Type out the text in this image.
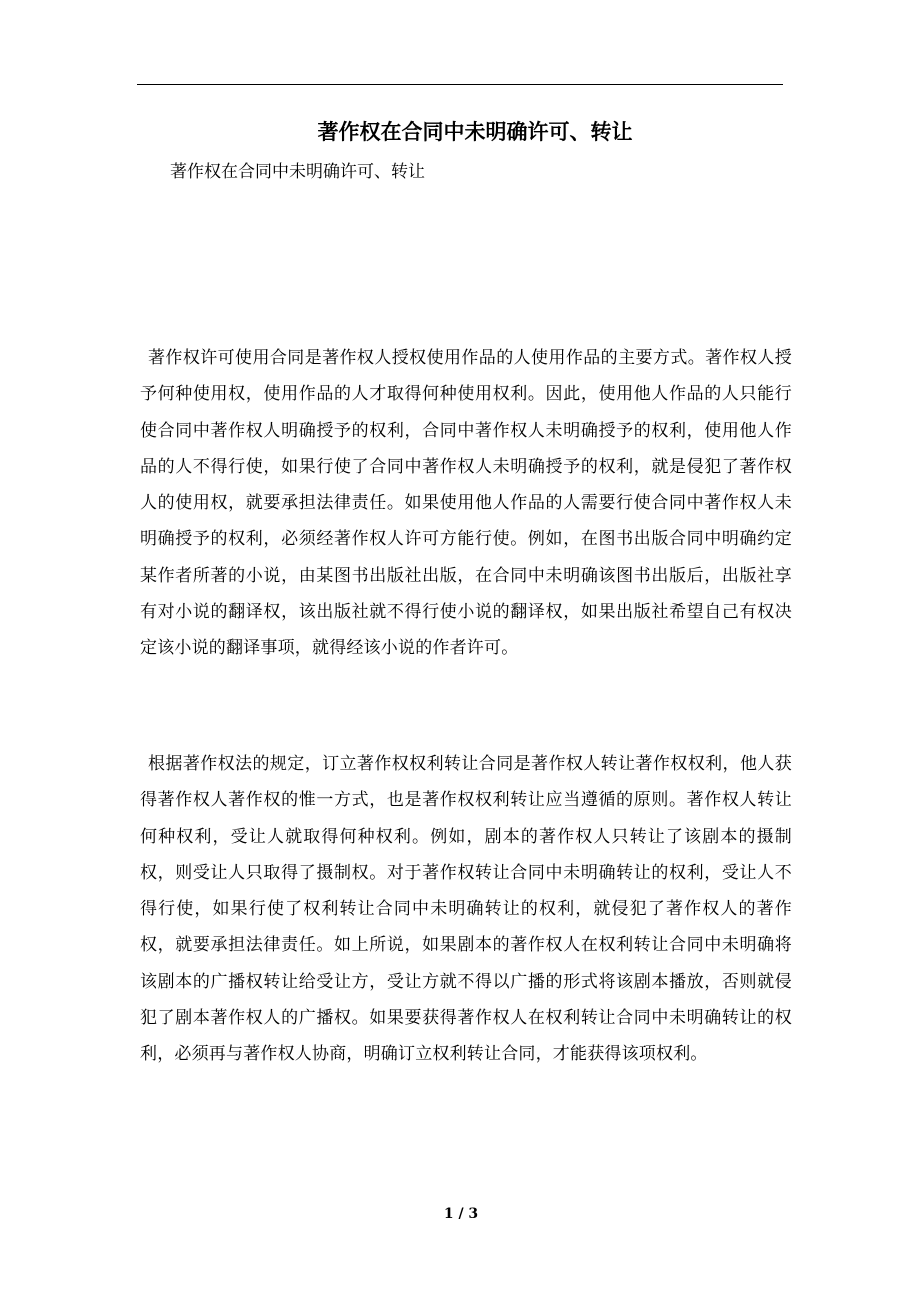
著作权在合同中未明确许可、转让

著作权在合同中未明确许可、转让

著作权许可使用合同是著作权人授权使用作品的人使用作品的主要方式。著作权人授予何种使用权，使用作品的人才取得何种使用权利。因此，使用他人作品的人只能行使合同中著作权人明确授予的权利，合同中著作权人未明确授予的权利，使用他人作品的人不得行使，如果行使了合同中著作权人未明确授予的权利，就是侵犯了著作权人的使用权，就要承担法律责任。如果使用他人作品的人需要行使合同中著作权人未明确授予的权利，必须经著作权人许可方能行使。例如，在图书出版合同中明确约定某作者所著的小说，由某图书出版社出版，在合同中未明确该图书出版后，出版社享有对小说的翻译权，该出版社就不得行使小说的翻译权，如果出版社希望自己有权决定该小说的翻译事项，就得经该小说的作者许可。

根据著作权法的规定，订立著作权权利转让合同是著作权人转让著作权权利，他人获得著作权人著作权的惟一方式，也是著作权权利转让应当遵循的原则。著作权人转让何种权利，受让人就取得何种权利。例如，剧本的著作权人只转让了该剧本的摄制权，则受让人只取得了摄制权。对于著作权转让合同中未明确转让的权利，受让人不得行使，如果行使了权利转让合同中未明确转让的权利，就侵犯了著作权人的著作权，就要承担法律责任。如上所说，如果剧本的著作权人在权利转让合同中未明确将该剧本的广播权转让给受让方，受让方就不得以广播的形式将该剧本播放，否则就侵犯了剧本著作权人的广播权。如果要获得著作权人在权利转让合同中未明确转让的权利，必须再与著作权人协商，明确订立权利转让合同，才能获得该项权利。

1 / 3
